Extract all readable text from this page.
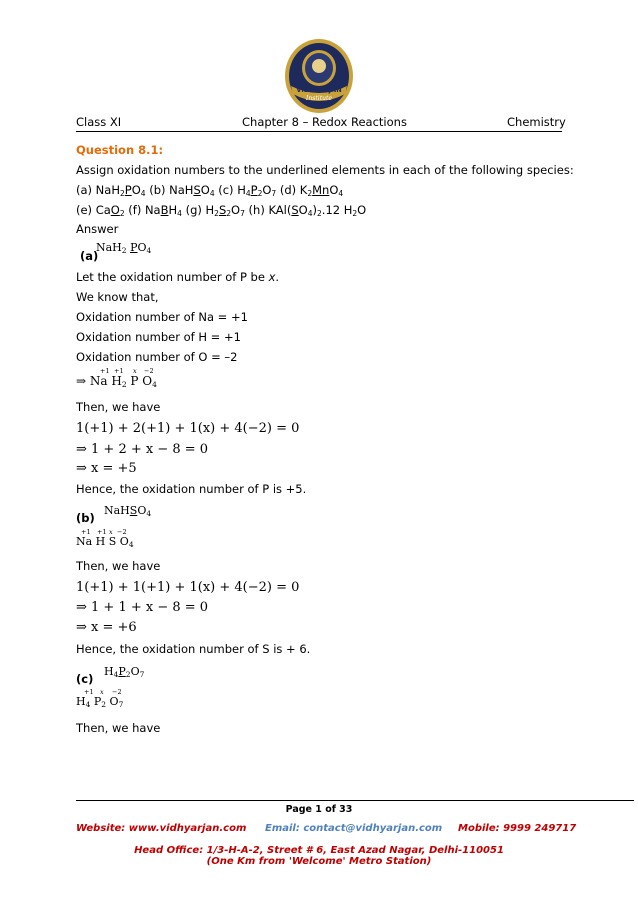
VIDHYARJAN
Institute
Class XI	Chapter 8 – Redox Reactions	Chemistry
Question 8.1:
Assign oxidation numbers to the underlined elements in each of the following species:
(a) $NaH_2PO_4$ (b) NaHSO$_4$ (c) $H_4P_2O_7$ (d) $K_2MnO_4$
(e) CaO$_2$ (f) NaBH$_4$ (g) $H_2S_2O_7$ (h) $KAl(SO_4)_2.12$ $H_2O$
Answer
(a)
NaH$_2$ $PO_4$
Let the oxidation number of P be x.
We know that,
Oxidation number of Na = +1
Oxidation number of H = +1
Oxidation number of O = –2
+1 +1 x −2
⇒ Na $H_2$ P $O_4$
Then, we have
1(+1) + 2(+1) + 1(x) + 4(−2) = 0
⇒ 1 + 2 + x − 8 = 0
⇒ x = +5
Hence, the oxidation number of P is +5.
(b)
NaHSO$_4$
+1 +1 x −2
Na H S $O_4$
Then, we have
1(+1) + 1(+1) + 1(x) + 4(−2) = 0
⇒ 1 + 1 + x − 8 = 0
⇒ x = +6
Hence, the oxidation number of S is + 6.
(c)
$H_4P_2O_7$
+1 x −2
$H_4$ $P_2$ $O_7$
Then, we have
Page 1 of 33
Website: www.vidhyarjan.com Email: contact@vidhyarjan.com Mobile: 9999 249717
Head Office: 1/3-H-A-2, Street # 6, East Azad Nagar, Delhi-110051
(One Km from 'Welcome' Metro Station)
